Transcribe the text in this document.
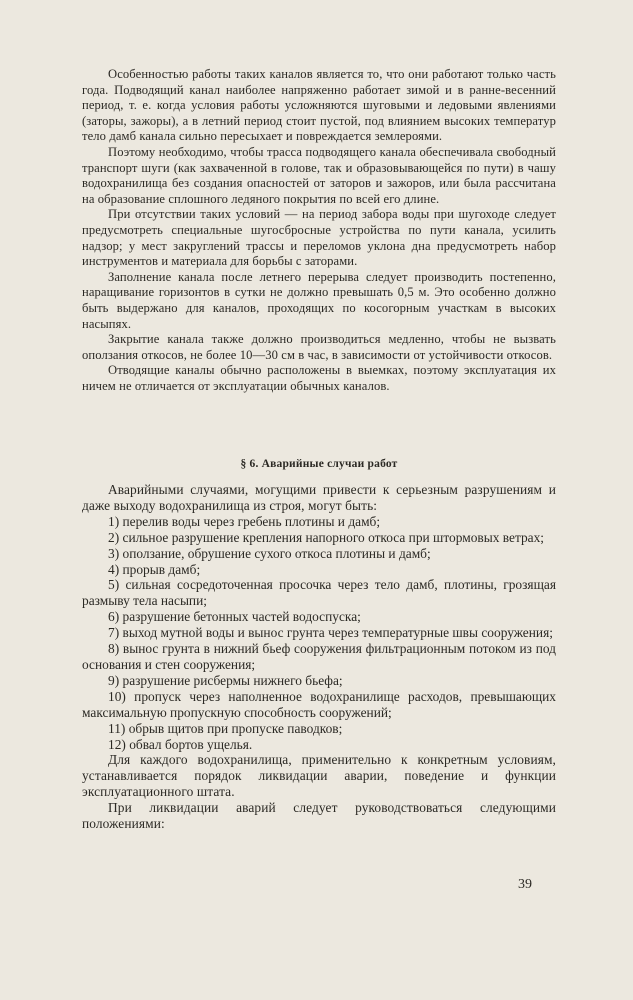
Особенностью работы таких каналов является то, что они работают только часть года. Подводящий канал наиболее напряженно работает зимой и в ранне-весенний период, т. е. когда условия работы усложняются шуговыми и ледовыми явлениями (заторы, зажоры), а в летний период стоит пустой, под влиянием высоких температур тело дамб канала сильно пересыхает и повреждается землероями.

Поэтому необходимо, чтобы трасса подводящего канала обеспечивала свободный транспорт шуги (как захваченной в голове, так и образовывающейся по пути) в чашу водохранилища без создания опасностей от заторов и зажоров, или была рассчитана на образование сплошного ледяного покрытия по всей его длине.

При отсутствии таких условий — на период забора воды при шугоходе следует предусмотреть специальные шугосбросные устройства по пути канала, усилить надзор; у мест закруглений трассы и переломов уклона дна предусмотреть набор инструментов и материала для борьбы с заторами.

Заполнение канала после летнего перерыва следует производить постепенно, наращивание горизонтов в сутки не должно превышать 0,5 м. Это особенно должно быть выдержано для каналов, проходящих по косогорным участкам в высоких насыпях.

Закрытие канала также должно производиться медленно, чтобы не вызвать оползания откосов, не более 10—30 см в час, в зависимости от устойчивости откосов.

Отводящие каналы обычно расположены в выемках, поэтому эксплуатация их ничем не отличается от эксплуатации обычных каналов.

§ 6. Аварийные случаи работ

Аварийными случаями, могущими привести к серьезным разрушениям и даже выходу водохранилища из строя, могут быть:

1) перелив воды через гребень плотины и дамб;

2) сильное разрушение крепления напорного откоса при штормовых ветрах;

3) оползание, обрушение сухого откоса плотины и дамб;

4) прорыв дамб;

5) сильная сосредоточенная просочка через тело дамб, плотины, грозящая размыву тела насыпи;

6) разрушение бетонных частей водоспуска;

7) выход мутной воды и вынос грунта через температурные швы сооружения;

8) вынос грунта в нижний бьеф сооружения фильтрационным потоком из под основания и стен сооружения;

9) разрушение рисбермы нижнего бьефа;

10) пропуск через наполненное водохранилище расходов, превышающих максимальную пропускную способность сооружений;

11) обрыв щитов при пропуске паводков;

12) обвал бортов ущелья.

Для каждого водохранилища, применительно к конкретным условиям, устанавливается порядок ликвидации аварии, поведение и функции эксплуатационного штата.

При ликвидации аварий следует руководствоваться следующими положениями:

39
